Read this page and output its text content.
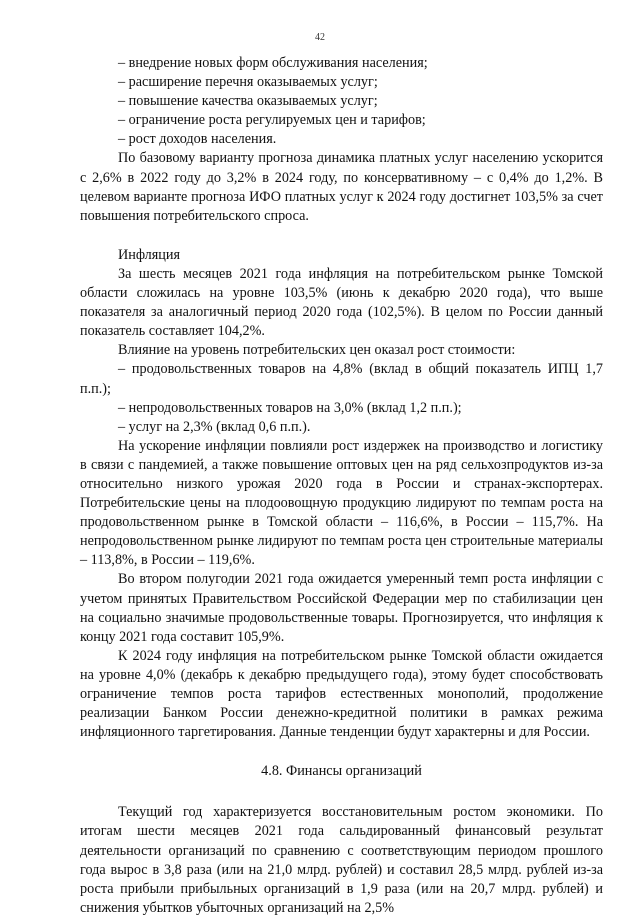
42

– внедрение новых форм обслуживания населения;

– расширение перечня оказываемых услуг;

– повышение качества оказываемых услуг;

– ограничение роста регулируемых цен и тарифов;

– рост доходов населения.

По базовому варианту прогноза динамика платных услуг населению ускорится с 2,6% в 2022 году до 3,2% в 2024 году, по консервативному – с 0,4% до 1,2%. В целевом варианте прогноза ИФО платных услуг к 2024 году достигнет 103,5% за счет повышения потребительского спроса.

Инфляция

За шесть месяцев 2021 года инфляция на потребительском рынке Томской области сложилась на уровне 103,5% (июнь к декабрю 2020 года), что выше показателя за аналогичный период 2020 года (102,5%). В целом по России данный показатель составляет 104,2%.

Влияние на уровень потребительских цен оказал рост стоимости:

– продовольственных товаров на 4,8% (вклад в общий показатель ИПЦ 1,7 п.п.);

– непродовольственных товаров на 3,0% (вклад 1,2 п.п.);

– услуг на 2,3% (вклад 0,6 п.п.).

На ускорение инфляции повлияли рост издержек на производство и логистику в связи с пандемией, а также повышение оптовых цен на ряд сельхозпродуктов из-за относительно низкого урожая 2020 года в России и странах-экспортерах. Потребительские цены на плодоовощную продукцию лидируют по темпам роста на продовольственном рынке в Томской области – 116,6%, в России – 115,7%. На непродовольственном рынке лидируют по темпам роста цен строительные материалы – 113,8%, в России – 119,6%.

Во втором полугодии 2021 года ожидается умеренный темп роста инфляции с учетом принятых Правительством Российской Федерации мер по стабилизации цен на социально значимые продовольственные товары. Прогнозируется, что инфляция к концу 2021 года составит 105,9%.

К 2024 году инфляция на потребительском рынке Томской области ожидается на уровне 4,0% (декабрь к декабрю предыдущего года), этому будет способствовать ограничение темпов роста тарифов естественных монополий, продолжение реализации Банком России денежно-кредитной политики в рамках режима инфляционного таргетирования. Данные тенденции будут характерны и для России.

4.8. Финансы организаций

Текущий год характеризуется восстановительным ростом экономики. По итогам шести месяцев 2021 года сальдированный финансовый результат деятельности организаций по сравнению с соответствующим периодом прошлого года вырос в 3,8 раза (или на 21,0 млрд. рублей) и составил 28,5 млрд. рублей из-за роста прибыли прибыльных организаций в 1,9 раза (или на 20,7 млрд. рублей) и снижения убытков убыточных организаций на 2,5%
